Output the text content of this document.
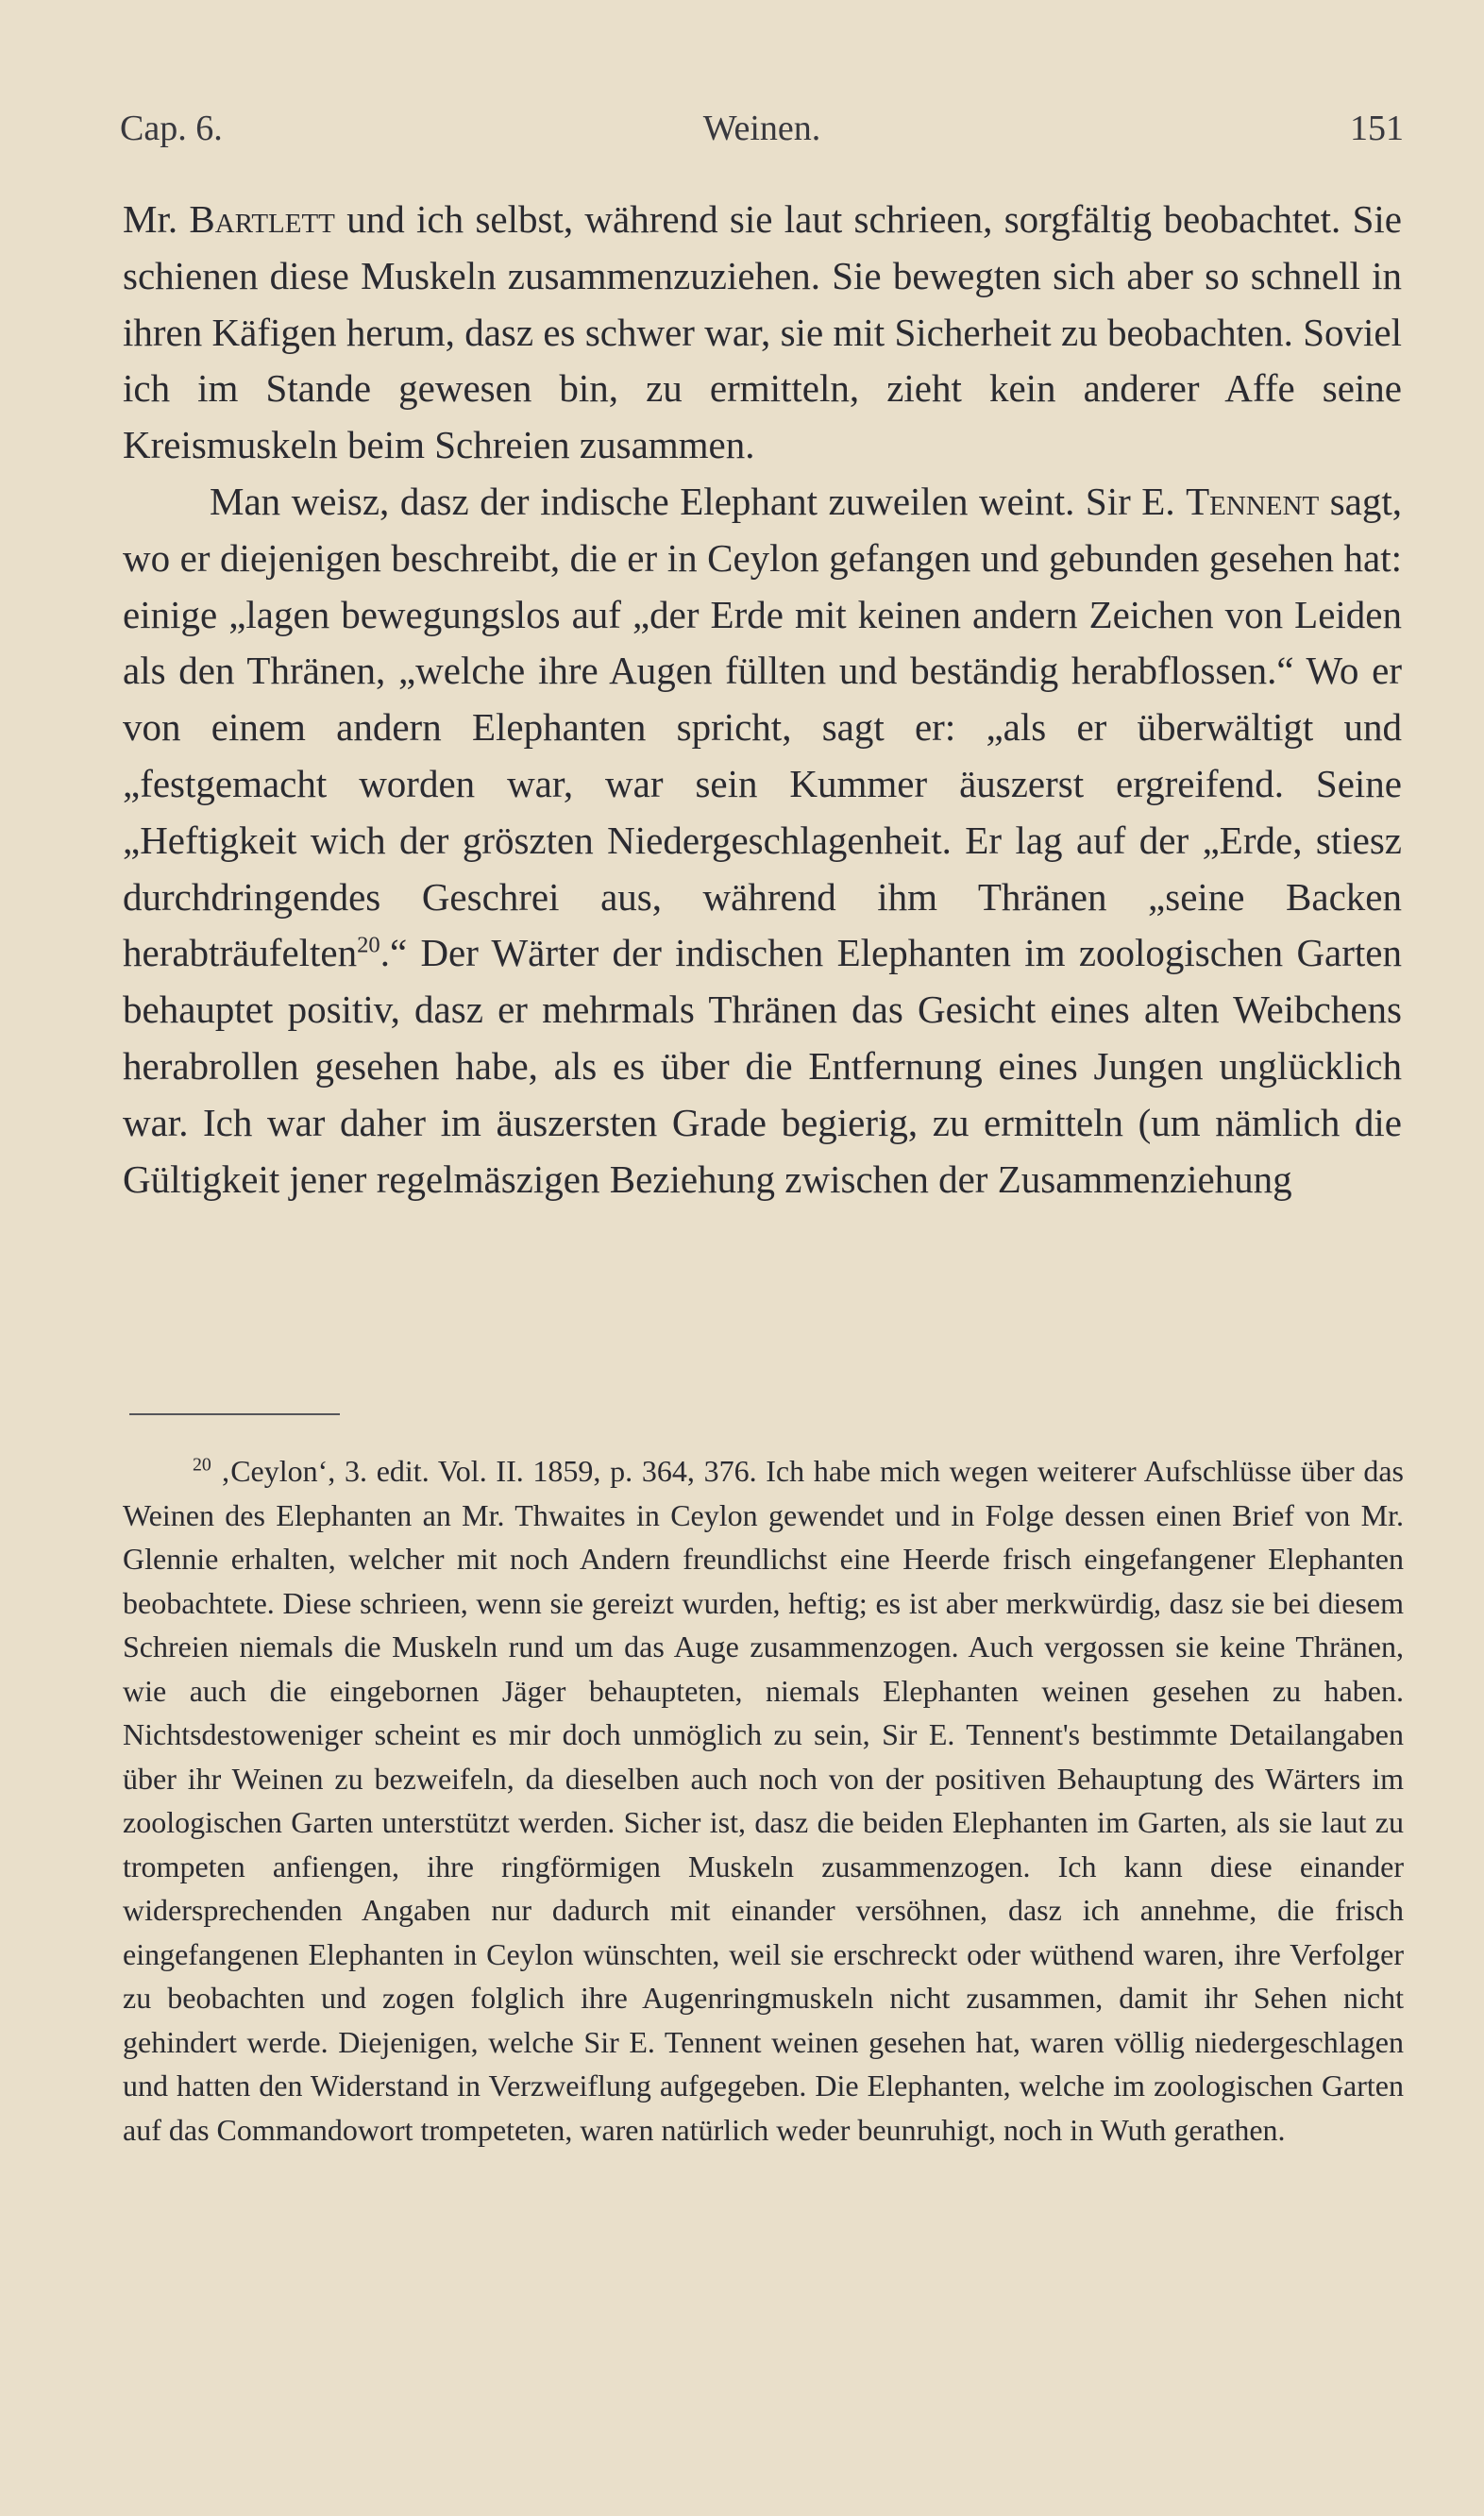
Cap. 6.	Weinen.	151

Mr. Bartlett und ich selbst, während sie laut schrieen, sorgfältig beobachtet. Sie schienen diese Muskeln zusammenzuziehen. Sie bewegten sich aber so schnell in ihren Käfigen herum, dasz es schwer war, sie mit Sicherheit zu beobachten. Soviel ich im Stande gewesen bin, zu ermitteln, zieht kein anderer Affe seine Kreismuskeln beim Schreien zusammen.

Man weisz, dasz der indische Elephant zuweilen weint. Sir E. Tennent sagt, wo er diejenigen beschreibt, die er in Ceylon gefangen und gebunden gesehen hat: einige „lagen bewegungslos auf „der Erde mit keinen andern Zeichen von Leiden als den Thränen, „welche ihre Augen füllten und beständig herabflossen.“ Wo er von einem andern Elephanten spricht, sagt er: „als er überwältigt und „festgemacht worden war, war sein Kummer äuszerst ergreifend. Seine „Heftigkeit wich der gröszten Niedergeschlagenheit. Er lag auf der „Erde, stiesz durchdringendes Geschrei aus, während ihm Thränen „seine Backen herabträufelten$^{20}$.“ Der Wärter der indischen Elephanten im zoologischen Garten behauptet positiv, dasz er mehrmals Thränen das Gesicht eines alten Weibchens herabrollen gesehen habe, als es über die Entfernung eines Jungen unglücklich war. Ich war daher im äuszersten Grade begierig, zu ermitteln (um nämlich die Gültigkeit jener regelmäszigen Beziehung zwischen der Zusammenziehung

$^{20}$ ‚Ceylon‘, 3. edit. Vol. II. 1859, p. 364, 376. Ich habe mich wegen weiterer Aufschlüsse über das Weinen des Elephanten an Mr. Thwaites in Ceylon gewendet und in Folge dessen einen Brief von Mr. Glennie erhalten, welcher mit noch Andern freundlichst eine Heerde frisch eingefangener Elephanten beobachtete. Diese schrieen, wenn sie gereizt wurden, heftig; es ist aber merkwürdig, dasz sie bei diesem Schreien niemals die Muskeln rund um das Auge zusammenzogen. Auch vergossen sie keine Thränen, wie auch die eingebornen Jäger behaupteten, niemals Elephanten weinen gesehen zu haben. Nichtsdestoweniger scheint es mir doch unmöglich zu sein, Sir E. Tennent's bestimmte Detailangaben über ihr Weinen zu bezweifeln, da dieselben auch noch von der positiven Behauptung des Wärters im zoologischen Garten unterstützt werden. Sicher ist, dasz die beiden Elephanten im Garten, als sie laut zu trompeten anfiengen, ihre ringförmigen Muskeln zusammenzogen. Ich kann diese einander widersprechenden Angaben nur dadurch mit einander versöhnen, dasz ich annehme, die frisch eingefangenen Elephanten in Ceylon wünschten, weil sie erschreckt oder wüthend waren, ihre Verfolger zu beobachten und zogen folglich ihre Augenringmuskeln nicht zusammen, damit ihr Sehen nicht gehindert werde. Diejenigen, welche Sir E. Tennent weinen gesehen hat, waren völlig niedergeschlagen und hatten den Widerstand in Verzweiflung aufgegeben. Die Elephanten, welche im zoologischen Garten auf das Commandowort trompeteten, waren natürlich weder beunruhigt, noch in Wuth gerathen.
